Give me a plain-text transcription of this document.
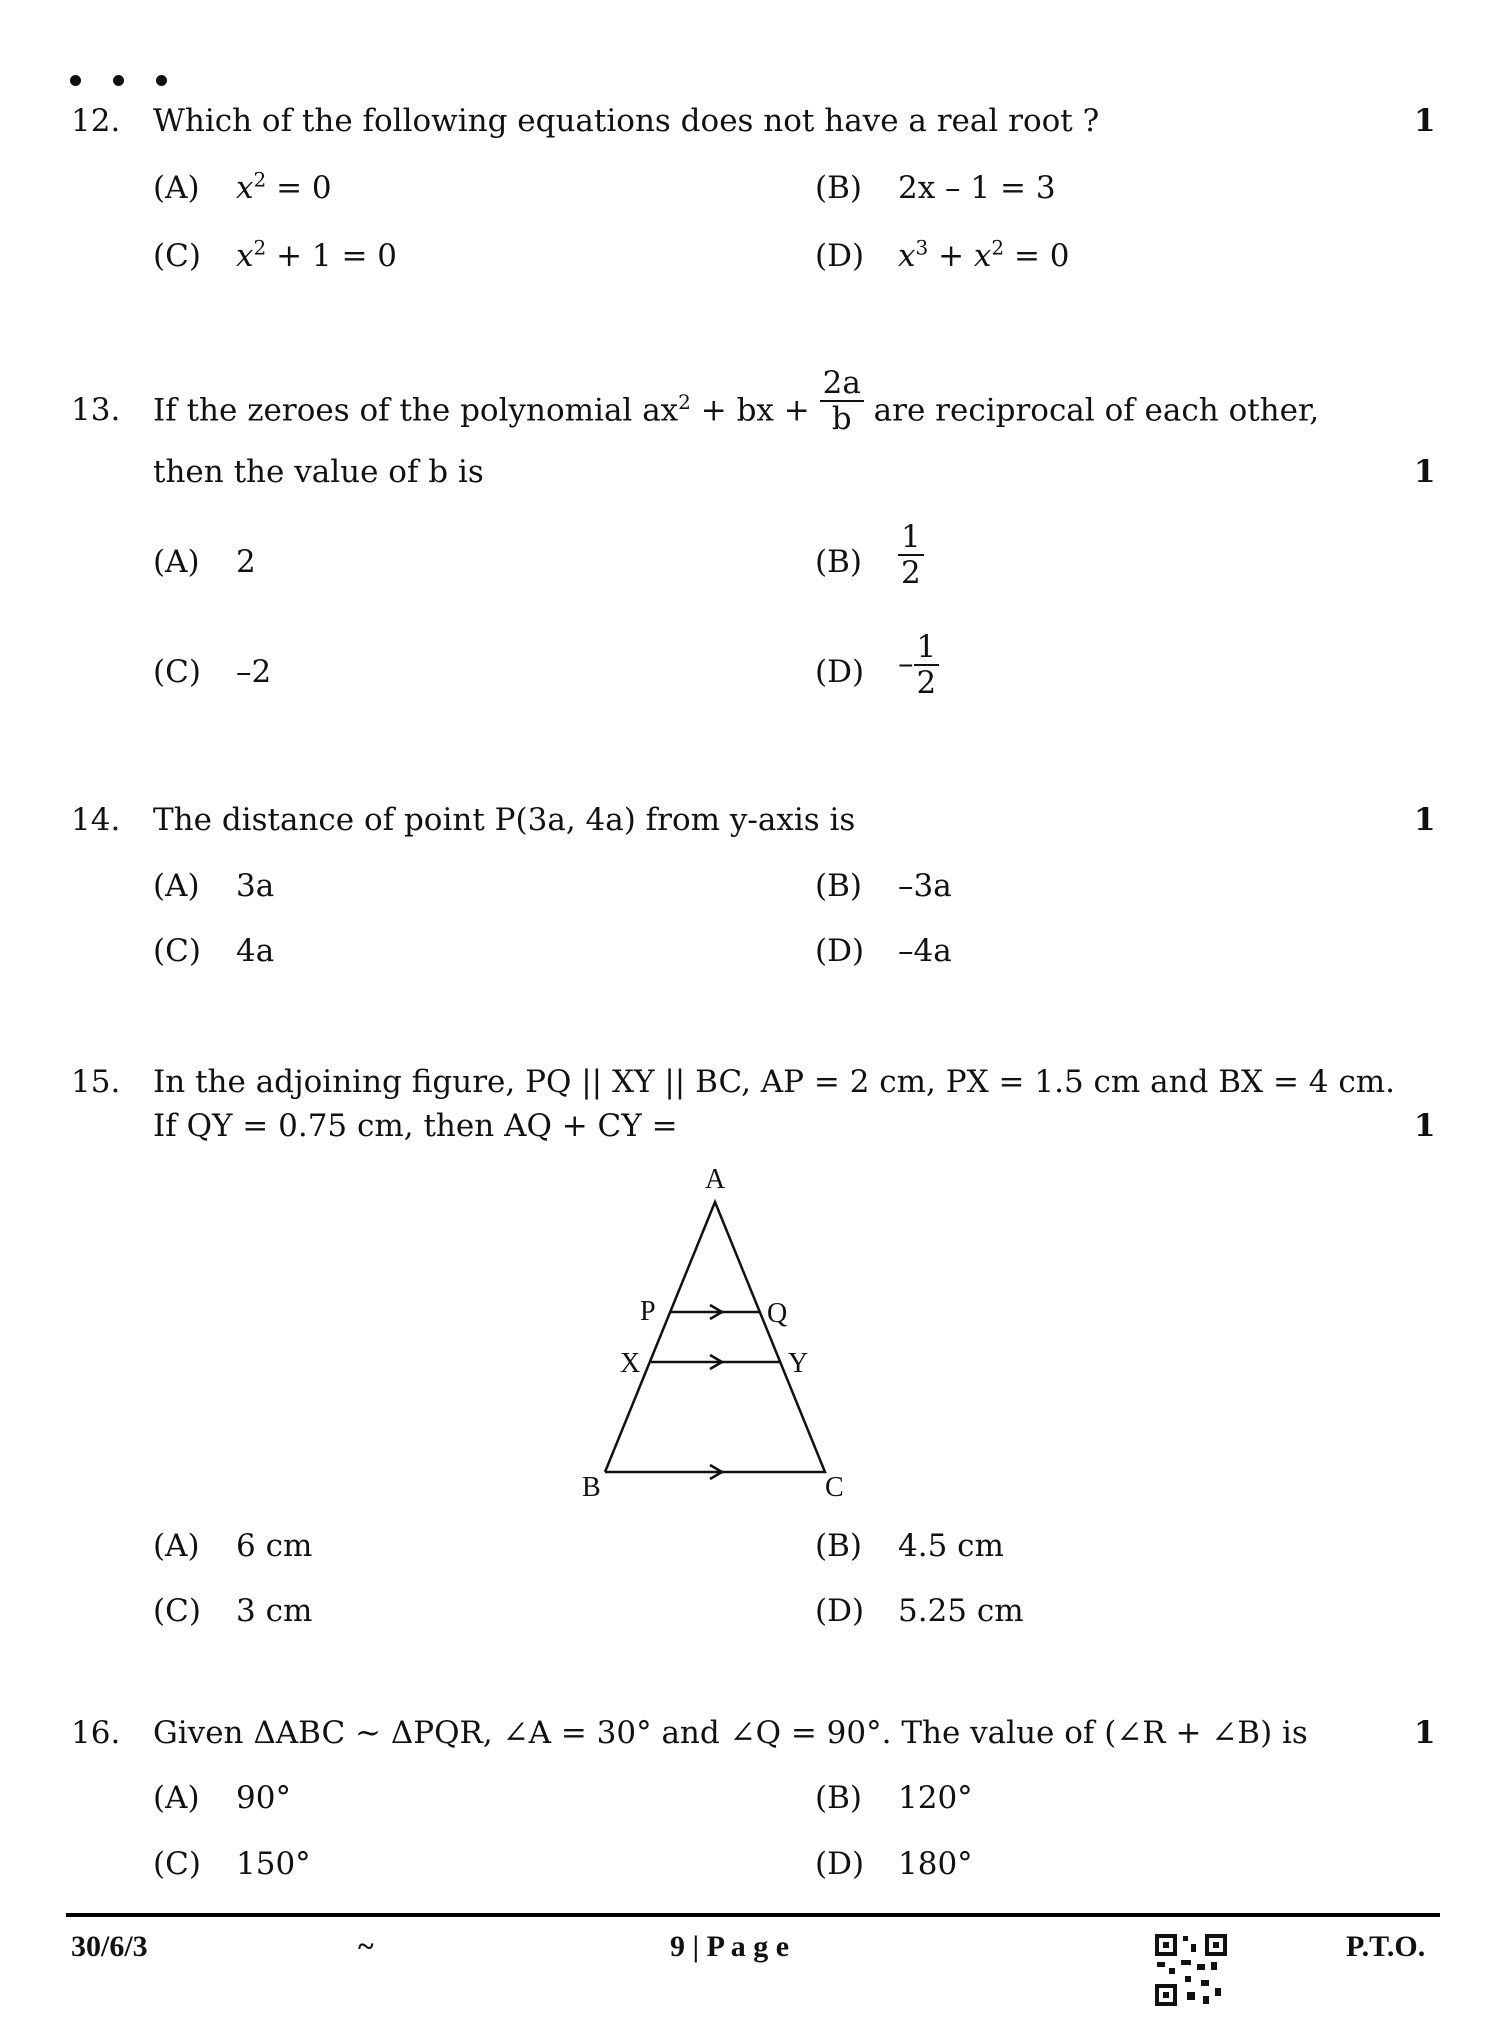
12. Which of the following equations does not have a real root ?	1
(A) $x^2 = 0$	(B) 2x – 1 = 3
(C) $x^2 + 1 = 0$	(D) $x^3 + x^2 = 0$
13. If the zeroes of the polynomial $ax^2$ + bx + $\frac{2a}{b}$ are reciprocal of each other,
then the value of b is	1
(A) 2	$(B) \frac{1}{2}$
(C) –2	$(D) - \frac{1}{2}$
14. The distance of point P(3a, 4a) from y-axis is	1
(A) 3a	(B) –3a
(C) 4a	(D) –4a
15. In the adjoining figure, PQ || XY || BC, AP = 2 cm, PX = 1.5 cm and BX = 4 cm.
If QY = 0.75 cm, then AQ + CY =	1
A
P	Q
X	Y
B	C
(A) 6 cm	(B) 4.5 cm
(C) 3 cm	(D) 5.25 cm
16. Given ΔABC ~ ΔPQR, ∠A = 30° and ∠Q = 90°. The value of (∠R + ∠B) is	1
(A) 90°	(B) 120°
(C) 150°	(D) 180°
30/6/3	~	9 | P a g e	P.T.O.
